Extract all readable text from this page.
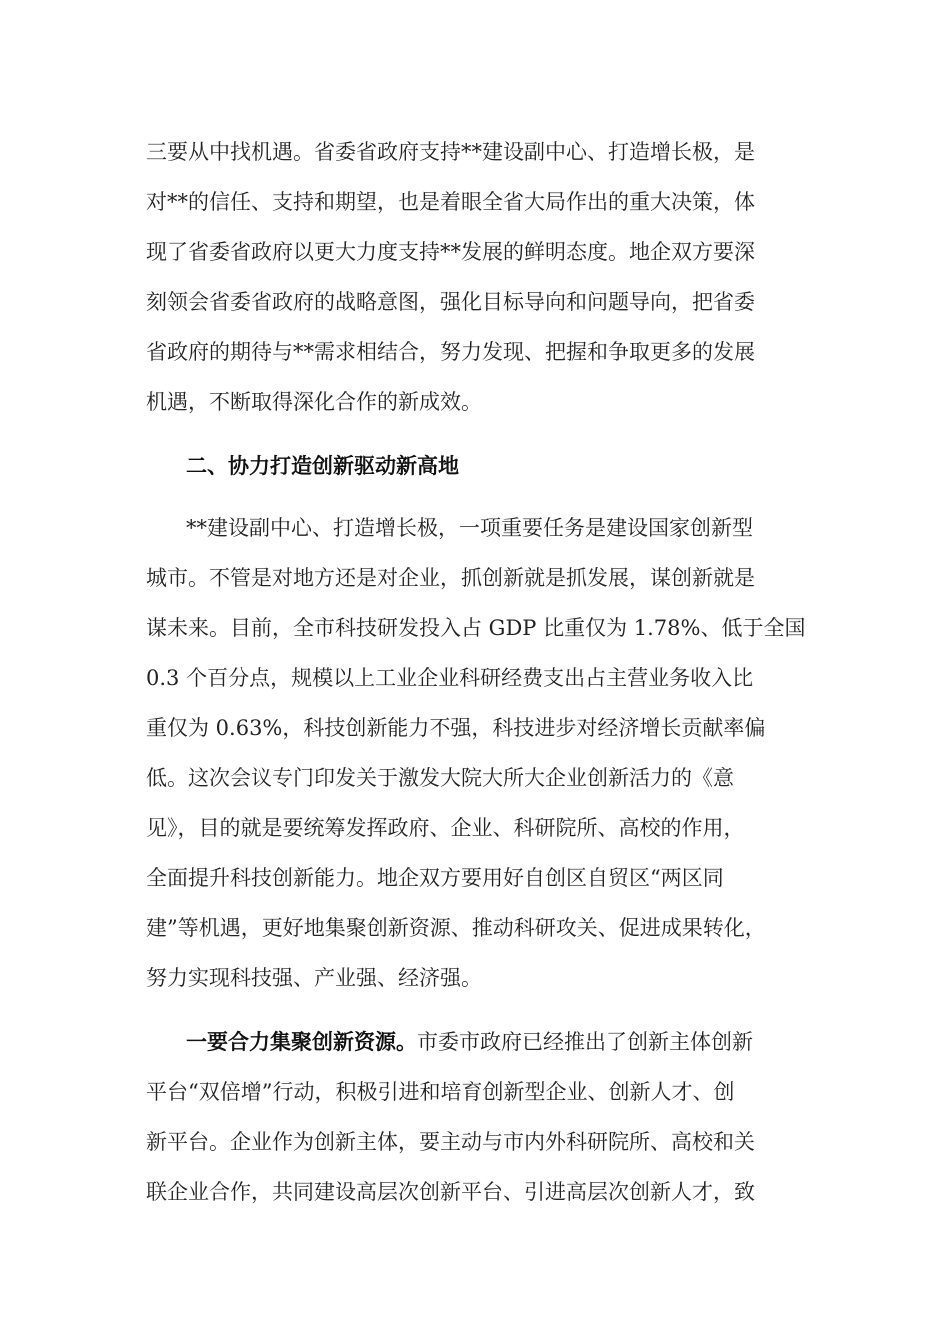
三要从中找机遇。省委省政府支持**建设副中心、打造增长极，是
对**的信任、支持和期望，也是着眼全省大局作出的重大决策，体
现了省委省政府以更大力度支持**发展的鲜明态度。地企双方要深
刻领会省委省政府的战略意图，强化目标导向和问题导向，把省委
省政府的期待与**需求相结合，努力发现、把握和争取更多的发展
机遇，不断取得深化合作的新成效。
二、协力打造创新驱动新高地
**建设副中心、打造增长极，一项重要任务是建设国家创新型
城市。不管是对地方还是对企业，抓创新就是抓发展，谋创新就是
谋未来。目前，全市科技研发投入占 GDP 比重仅为 1.78%、低于全国
0.3 个百分点，规模以上工业企业科研经费支出占主营业务收入比
重仅为 0.63%，科技创新能力不强，科技进步对经济增长贡献率偏
低。这次会议专门印发关于激发大院大所大企业创新活力的《意
见》，目的就是要统筹发挥政府、企业、科研院所、高校的作用，
全面提升科技创新能力。地企双方要用好自创区自贸区“两区同
建”等机遇，更好地集聚创新资源、推动科研攻关、促进成果转化，
努力实现科技强、产业强、经济强。
一要合力集聚创新资源。市委市政府已经推出了创新主体创新
平台“双倍增”行动，积极引进和培育创新型企业、创新人才、创
新平台。企业作为创新主体，要主动与市内外科研院所、高校和关
联企业合作，共同建设高层次创新平台、引进高层次创新人才，致
